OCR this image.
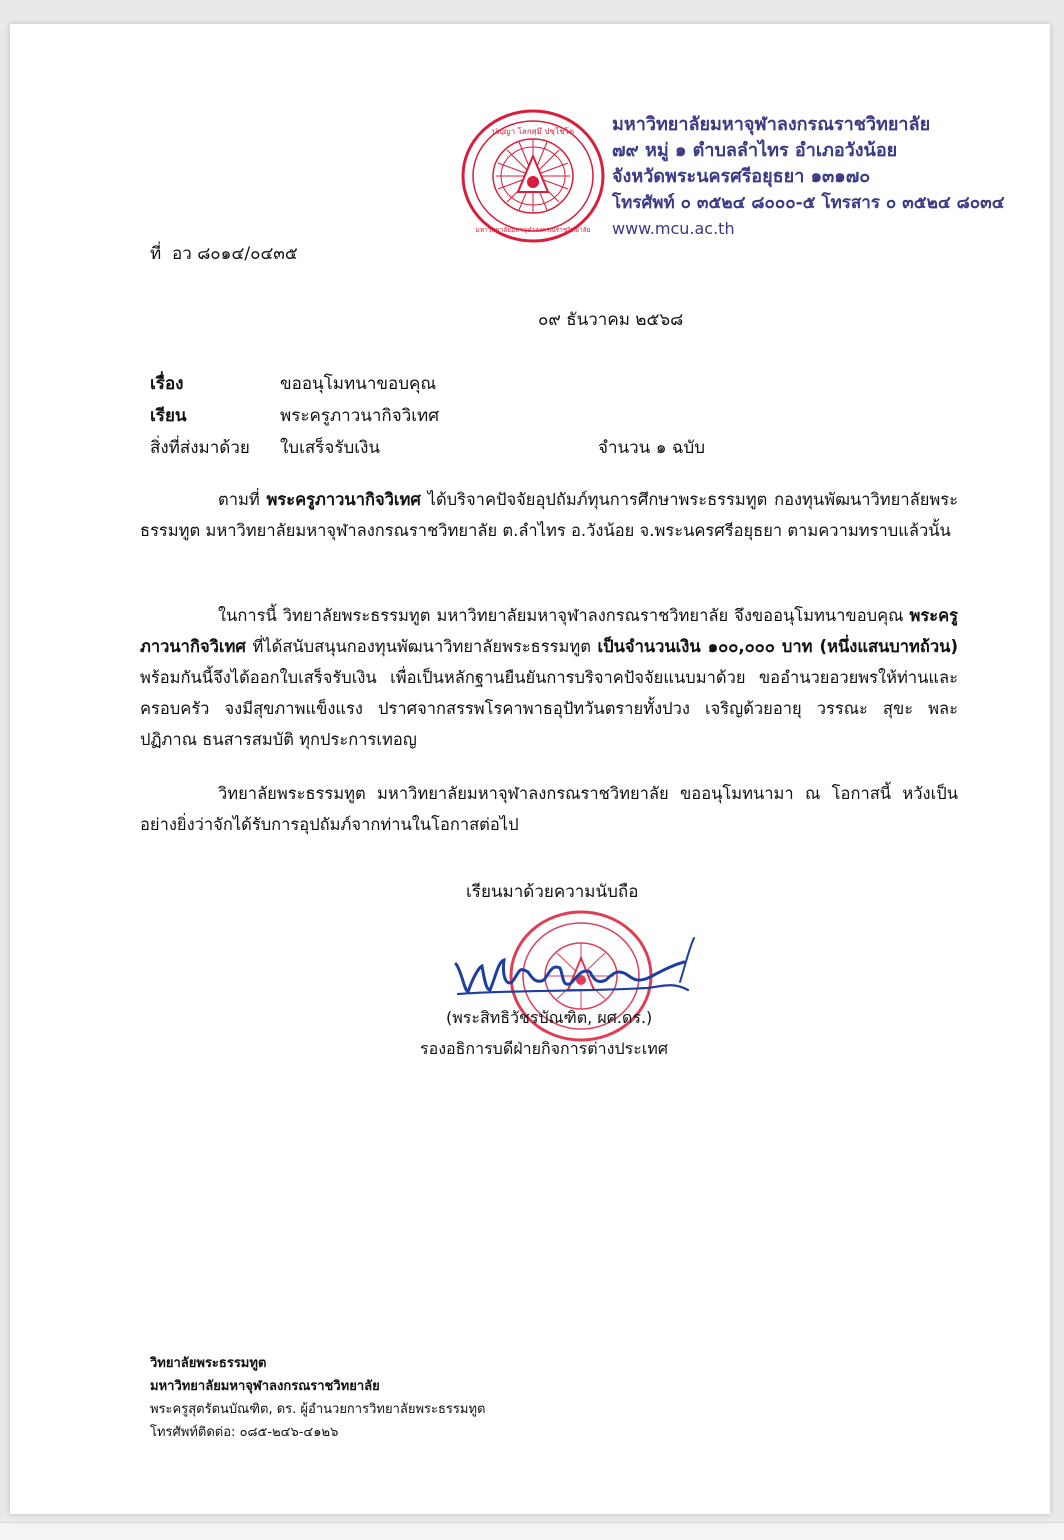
ปญฺญา โลกสฺมึ ปชฺโชโต
มหาวิทยาลัยมหาจุฬาลงกรณราชวิทยาลัย
มหาวิทยาลัยมหาจุฬาลงกรณราชวิทยาลัย
๗๙ หมู่ ๑ ตำบลลำไทร อำเภอวังน้อย
จังหวัดพระนครศรีอยุธยา ๑๓๑๗๐
โทรศัพท์ ๐ ๓๕๒๔ ๘๐๐๐-๕ โทรสาร ๐ ๓๕๒๔ ๘๐๓๔
www.mcu.ac.th
ที่ อว ๘๐๑๔/๐๔๓๕
๐๙ ธันวาคม ๒๕๖๘
เรื่อง	ขออนุโมทนาขอบคุณ
เรียน	พระครูภาวนากิจวิเทศ
สิ่งที่ส่งมาด้วย ใบเสร็จรับเงิน	จำนวน ๑ ฉบับ
ตามที่ พระครูภาวนากิจวิเทศ ได้บริจาคปัจจัยอุปถัมภ์ทุนการศึกษาพระธรรมทูต กองทุนพัฒนาวิทยาลัยพระธรรมทูต มหาวิทยาลัยมหาจุฬาลงกรณราชวิทยาลัย ต.ลำไทร อ.วังน้อย จ.พระนครศรีอยุธยา ตามความทราบแล้วนั้น
ในการนี้ วิทยาลัยพระธรรมทูต มหาวิทยาลัยมหาจุฬาลงกรณราชวิทยาลัย จึงขออนุโมทนาขอบคุณ พระครูภาวนากิจวิเทศ ที่ได้สนับสนุนกองทุนพัฒนาวิทยาลัยพระธรรมทูต เป็นจำนวนเงิน ๑๐๐,๐๐๐ บาท (หนึ่งแสนบาทถ้วน) พร้อมกันนี้จึงได้ออกใบเสร็จรับเงิน เพื่อเป็นหลักฐานยืนยันการบริจาคปัจจัยแนบมาด้วย ขออำนวยอวยพรให้ท่านและครอบครัว จงมีสุขภาพแข็งแรง ปราศจากสรรพโรคาพาธอุปัทวันตรายทั้งปวง เจริญด้วยอายุ วรรณะ สุขะ พละ ปฏิภาณ ธนสารสมบัติ ทุกประการเทอญ
วิทยาลัยพระธรรมทูต มหาวิทยาลัยมหาจุฬาลงกรณราชวิทยาลัย ขออนุโมทนามา ณ โอกาสนี้ หวังเป็นอย่างยิ่งว่าจักได้รับการอุปถัมภ์จากท่านในโอกาสต่อไป
เรียนมาด้วยความนับถือ
(พระสิทธิวัชรบัณฑิต, ผศ.ดร.)
รองอธิการบดีฝ่ายกิจการต่างประเทศ
วิทยาลัยพระธรรมทูต
มหาวิทยาลัยมหาจุฬาลงกรณราชวิทยาลัย
พระครูสุตรัตนบัณฑิต, ดร. ผู้อำนวยการวิทยาลัยพระธรรมทูต
โทรศัพท์ติดต่อ: ๐๘๕-๒๔๖-๔๑๒๖
